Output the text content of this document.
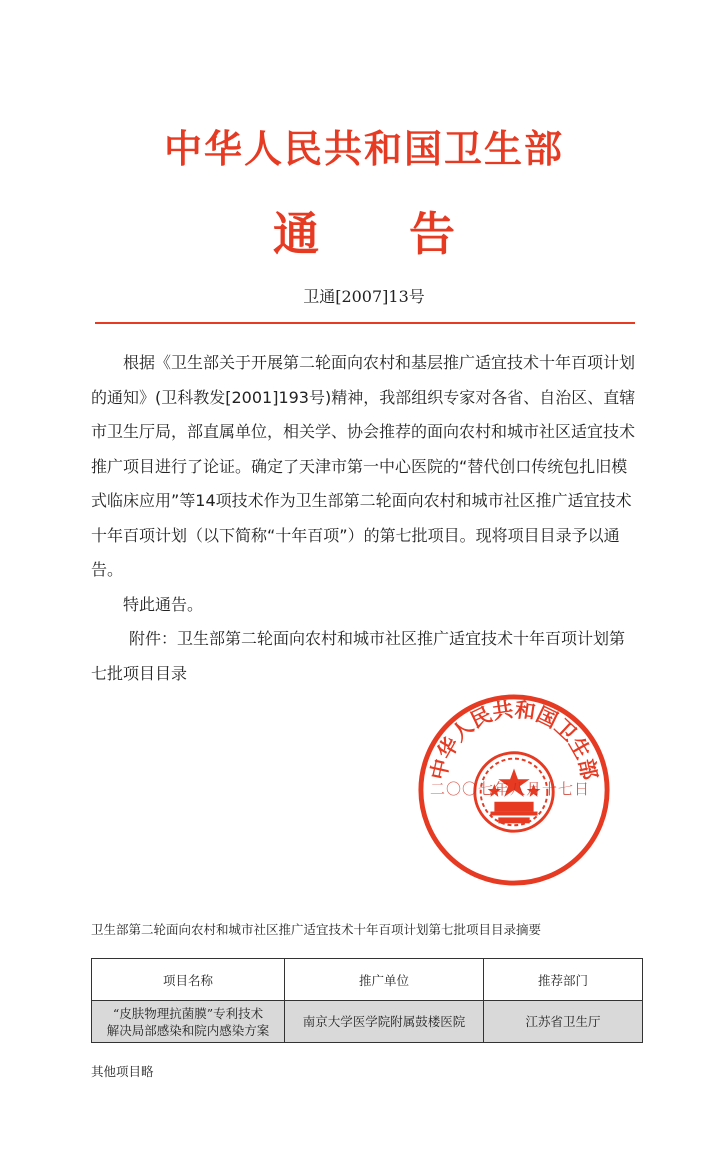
中华人民共和国卫生部
通 告
卫通[2007]13号

根据《卫生部关于开展第二轮面向农村和基层推广适宜技术十年百项计划的通知》(卫科教发[2001]193号)精神，我部组织专家对各省、自治区、直辖市卫生厅局，部直属单位，相关学、协会推荐的面向农村和城市社区适宜技术推广项目进行了论证。确定了天津市第一中心医院的“替代创口传统包扎旧模式临床应用”等14项技术作为卫生部第二轮面向农村和城市社区推广适宜技术十年百项计划（以下简称“十年百项”）的第七批项目。现将项目目录予以通告。

特此通告。

附件：卫生部第二轮面向农村和城市社区推广适宜技术十年百项计划第七批项目目录

中华人民共和国卫生部
二〇〇七年八月十七日
卫生部第二轮面向农村和城市社区推广适宜技术十年百项计划第七批项目目录摘要
项目名称	推广单位	推荐部门

“皮肤物理抗菌膜”专利技术
解决局部感染和院内感染方案	南京大学医学院附属鼓楼医院	江苏省卫生厅
其他项目略
